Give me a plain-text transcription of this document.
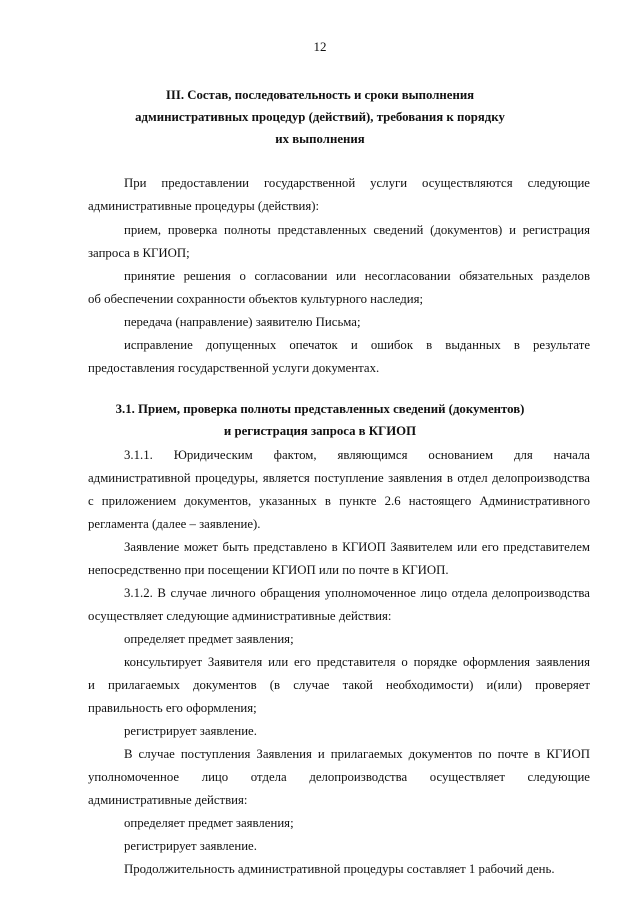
12
III. Состав, последовательность и сроки выполнения
административных процедур (действий), требования к порядку
их выполнения
При предоставлении государственной услуги осуществляются следующие
административные процедуры (действия):
прием, проверка полноты представленных сведений (документов) и регистрация
запроса в КГИОП;
принятие решения о согласовании или несогласовании обязательных разделов
об обеспечении сохранности объектов культурного наследия;
передача (направление) заявителю Письма;
исправление допущенных опечаток и ошибок в выданных в результате
предоставления государственной услуги документах.
3.1. Прием, проверка полноты представленных сведений (документов)
и регистрация запроса в КГИОП
3.1.1. Юридическим фактом, являющимся основанием для начала
административной процедуры, является поступление заявления в отдел делопроизводства
с приложением документов, указанных в пункте 2.6 настоящего Административного
регламента (далее – заявление).
Заявление может быть представлено в КГИОП Заявителем или его представителем
непосредственно при посещении КГИОП или по почте в КГИОП.
3.1.2. В случае личного обращения уполномоченное лицо отдела делопроизводства
осуществляет следующие административные действия:
определяет предмет заявления;
консультирует Заявителя или его представителя о порядке оформления заявления
и прилагаемых документов (в случае такой необходимости) и(или) проверяет
правильность его оформления;
регистрирует заявление.
В случае поступления Заявления и прилагаемых документов по почте в КГИОП
уполномоченное лицо отдела делопроизводства осуществляет следующие
административные действия:
определяет предмет заявления;
регистрирует заявление.
Продолжительность административной процедуры составляет 1 рабочий день.
